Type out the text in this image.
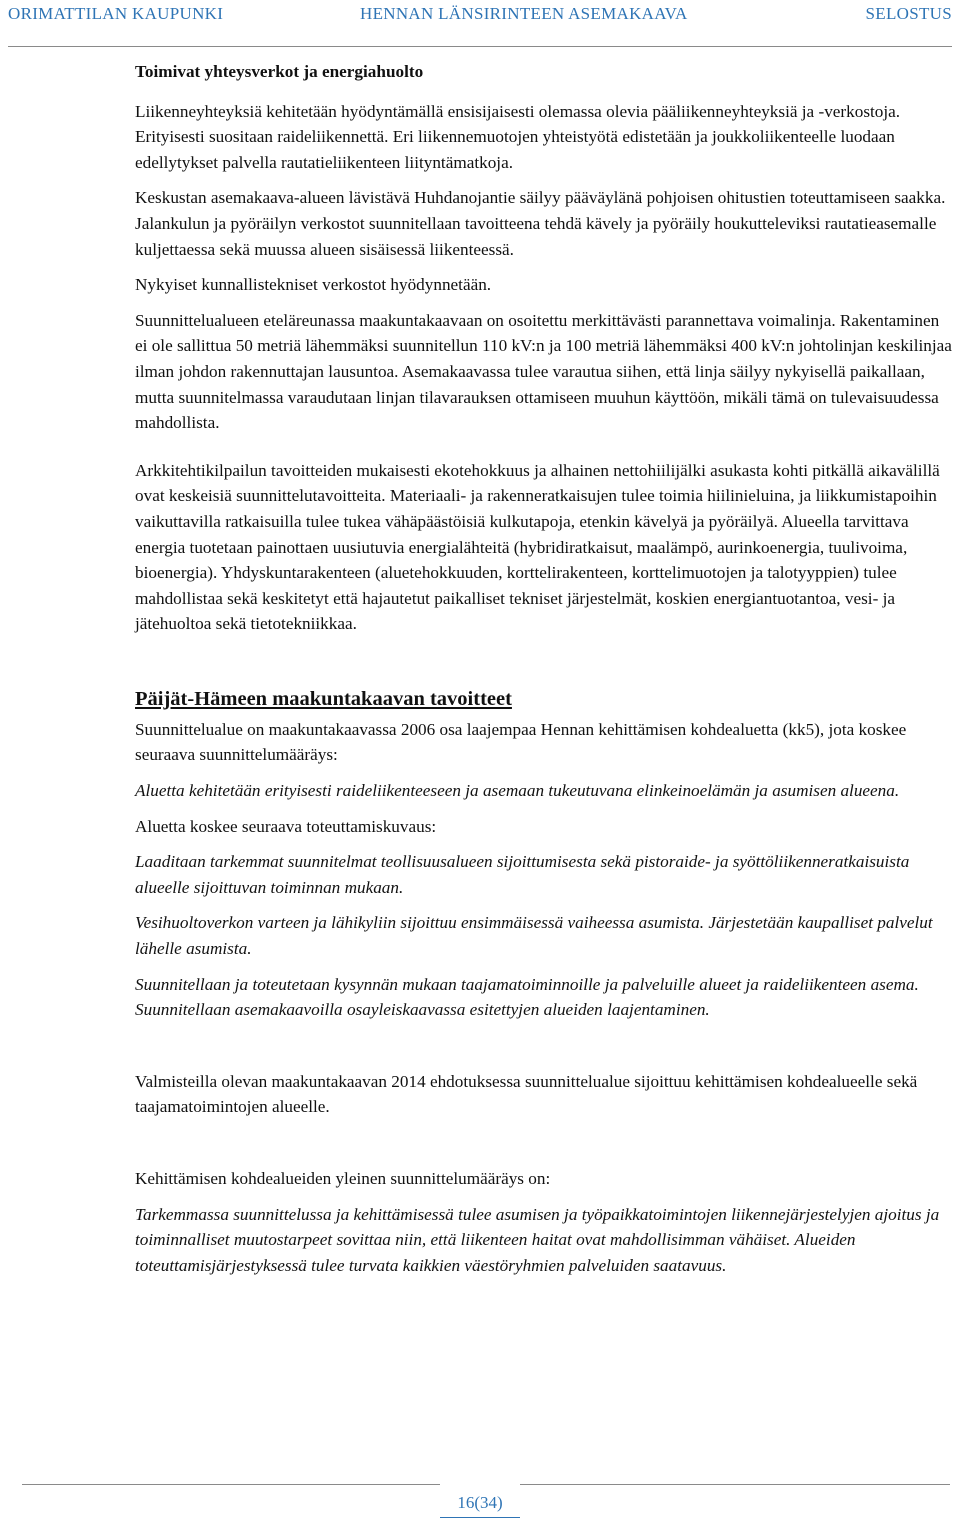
ORIMATTILAN KAUPUNKI	HENNAN LÄNSIRINTEEN ASEMAKAAVA	SELOSTUS

Toimivat yhteysverkot ja energiahuolto

Liikenneyhteyksiä kehitetään hyödyntämällä ensisijaisesti olemassa olevia pääliikenneyhteyksiä ja -verkostoja. Erityisesti suositaan raideliikennettä. Eri liikennemuotojen yhteistyötä edistetään ja joukkoliikenteelle luodaan edellytykset palvella rautatieliikenteen liityntämatkoja.

Keskustan asemakaava-alueen lävistävä Huhdanojantie säilyy pääväylänä pohjoisen ohitustien toteuttamiseen saakka. Jalankulun ja pyöräilyn verkostot suunnitellaan tavoitteena tehdä kävely ja pyöräily houkutteleviksi rautatieasemalle kuljettaessa sekä muussa alueen sisäisessä liikenteessä.

Nykyiset kunnallistekniset verkostot hyödynnetään.

Suunnittelualueen eteläreunassa maakuntakaavaan on osoitettu merkittävästi parannettava voimalinja. Rakentaminen ei ole sallittua 50 metriä lähemmäksi suunnitellun 110 kV:n ja 100 metriä lähemmäksi 400 kV:n johtolinjan keskilinjaa ilman johdon rakennuttajan lausuntoa. Asemakaavassa tulee varautua siihen, että linja säilyy nykyisellä paikallaan, mutta suunnitelmassa varaudutaan linjan tilavarauksen ottamiseen muuhun käyttöön, mikäli tämä on tulevaisuudessa mahdollista.

Arkkitehtikilpailun tavoitteiden mukaisesti ekotehokkuus ja alhainen nettohiilijälki asukasta kohti pitkällä aikavälillä ovat keskeisiä suunnittelutavoitteita. Materiaali- ja rakenneratkaisujen tulee toimia hiilinieluina, ja liikkumistapoihin vaikuttavilla ratkaisuilla tulee tukea vähäpäästöisiä kulkutapoja, etenkin kävelyä ja pyöräilyä. Alueella tarvittava energia tuotetaan painottaen uusiutuvia energialähteitä (hybridiratkaisut, maalämpö, aurinkoenergia, tuulivoima, bioenergia). Yhdyskuntarakenteen (aluetehokkuuden, korttelirakenteen, korttelimuotojen ja talotyyppien) tulee mahdollistaa sekä keskitetyt että hajautetut paikalliset tekniset järjestelmät, koskien energiantuotantoa, vesi- ja jätehuoltoa sekä tietotekniikkaa.

Päijät-Hämeen maakuntakaavan tavoitteet

Suunnittelualue on maakuntakaavassa 2006 osa laajempaa Hennan kehittämisen kohdealuetta (kk5), jota koskee seuraava suunnittelumääräys:

Aluetta kehitetään erityisesti raideliikenteeseen ja asemaan tukeutuvana elinkeinoelämän ja asumisen alueena.

Aluetta koskee seuraava toteuttamiskuvaus:

Laaditaan tarkemmat suunnitelmat teollisuusalueen sijoittumisesta sekä pistoraide- ja syöttöliikenneratkaisuista alueelle sijoittuvan toiminnan mukaan.

Vesihuoltoverkon varteen ja lähikyliin sijoittuu ensimmäisessä vaiheessa asumista. Järjestetään kaupalliset palvelut lähelle asumista.

Suunnitellaan ja toteutetaan kysynnän mukaan taajamatoiminnoille ja palveluille alueet ja raideliikenteen asema. Suunnitellaan asemakaavoilla osayleiskaavassa esitettyjen alueiden laajentaminen.

Valmisteilla olevan maakuntakaavan 2014 ehdotuksessa suunnittelualue sijoittuu kehittämisen kohdealueelle sekä taajamatoimintojen alueelle.

Kehittämisen kohdealueiden yleinen suunnittelumääräys on:

Tarkemmassa suunnittelussa ja kehittämisessä tulee asumisen ja työpaikkatoimintojen liikennejärjestelyjen ajoitus ja toiminnalliset muutostarpeet sovittaa niin, että liikenteen haitat ovat mahdollisimman vähäiset. Alueiden toteuttamisjärjestyksessä tulee turvata kaikkien väestöryhmien palveluiden saatavuus.

16(34)
